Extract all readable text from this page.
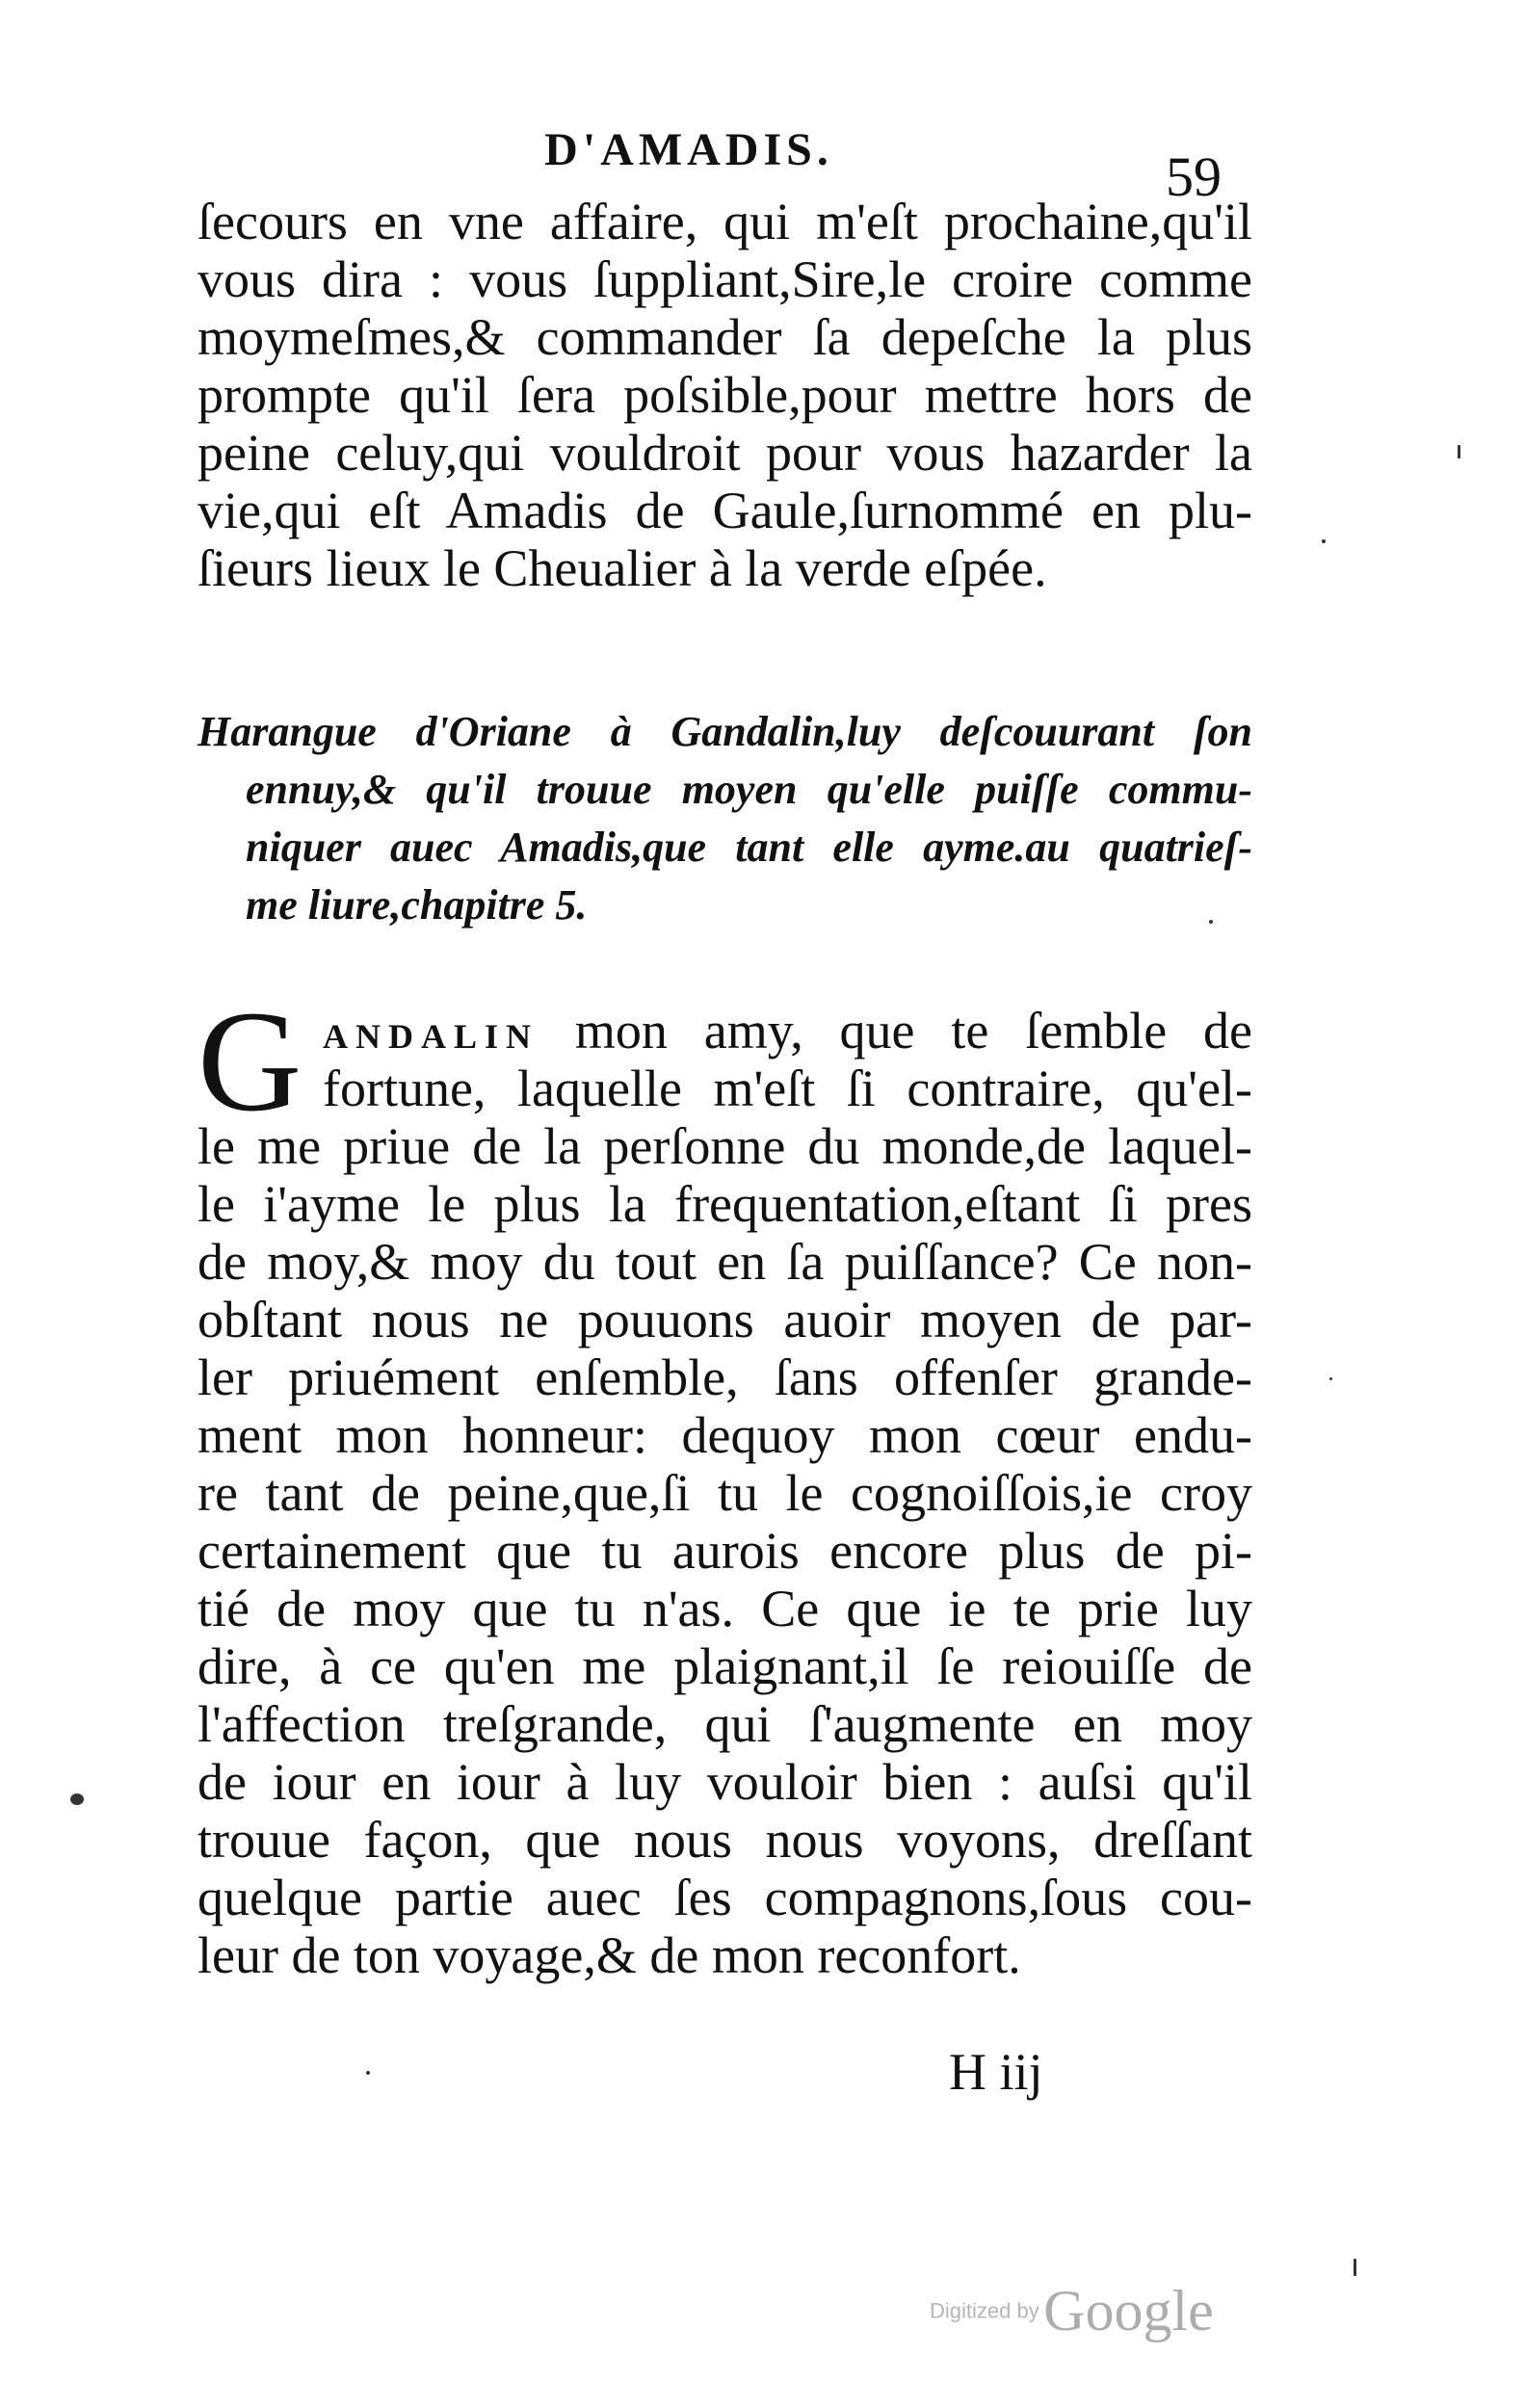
D'AMADIS.	59
ſecours en vne affaire, qui m'eſt prochaine,qu'il
vous dira : vous ſuppliant,Sire,le croire comme
moymeſmes,& commander ſa depeſche la plus
prompte qu'il ſera poſsible,pour mettre hors de
peine celuy,qui vouldroit pour vous hazarder la
vie,qui eſt Amadis de Gaule,ſurnommé en plu-
ſieurs lieux le Cheualier à la verde eſpée.
Harangue d'Oriane à Gandalin,luy deſcouurant ſon
ennuy,& qu'il trouue moyen qu'elle puiſſe commu-
niquer auec Amadis,que tant elle ayme.au quatrieſ-
me liure,chapitre 5.
G ANDALIN mon amy, que te ſemble de
fortune, laquelle m'eſt ſi contraire, qu'el-
le me priue de la perſonne du monde,de laquel-
le i'ayme le plus la frequentation,eſtant ſi pres
de moy,& moy du tout en ſa puiſſance? Ce non-
obſtant nous ne pouuons auoir moyen de par-
ler priuément enſemble, ſans offenſer grande-
ment mon honneur: dequoy mon cœur endu-
re tant de peine,que,ſi tu le cognoiſſois,ie croy
certainement que tu aurois encore plus de pi-
tié de moy que tu n'as. Ce que ie te prie luy
dire, à ce qu'en me plaignant,il ſe reiouiſſe de
l'affection treſgrande, qui ſ'augmente en moy
de iour en iour à luy vouloir bien : auſsi qu'il
trouue façon, que nous nous voyons, dreſſant
quelque partie auec ſes compagnons,ſous cou-
leur de ton voyage,& de mon reconfort.
H iij
Digitized by Google
